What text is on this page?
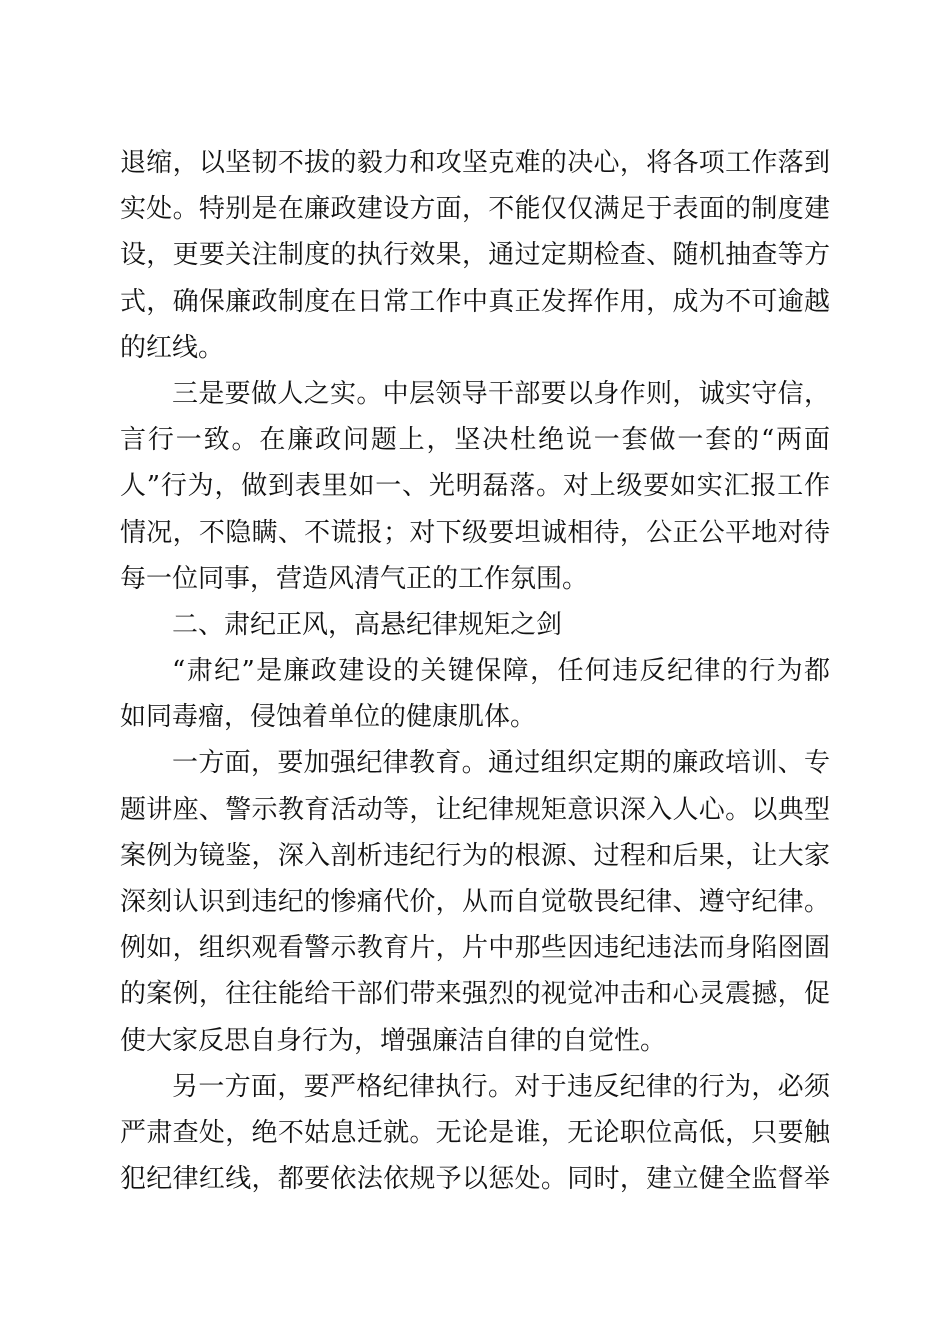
退缩，以坚韧不拔的毅力和攻坚克难的决心，将各项工作落到
实处。特别是在廉政建设方面，不能仅仅满足于表面的制度建
设，更要关注制度的执行效果，通过定期检查、随机抽查等方
式，确保廉政制度在日常工作中真正发挥作用，成为不可逾越
的红线。
三是要做人之实。中层领导干部要以身作则，诚实守信，
言行一致。在廉政问题上，坚决杜绝说一套做一套的“两面
人”行为，做到表里如一、光明磊落。对上级要如实汇报工作
情况，不隐瞒、不谎报；对下级要坦诚相待，公正公平地对待
每一位同事，营造风清气正的工作氛围。
二、肃纪正风，高悬纪律规矩之剑
“肃纪”是廉政建设的关键保障，任何违反纪律的行为都
如同毒瘤，侵蚀着单位的健康肌体。
一方面，要加强纪律教育。通过组织定期的廉政培训、专
题讲座、警示教育活动等，让纪律规矩意识深入人心。以典型
案例为镜鉴，深入剖析违纪行为的根源、过程和后果，让大家
深刻认识到违纪的惨痛代价，从而自觉敬畏纪律、遵守纪律。
例如，组织观看警示教育片，片中那些因违纪违法而身陷囹圄
的案例，往往能给干部们带来强烈的视觉冲击和心灵震撼，促
使大家反思自身行为，增强廉洁自律的自觉性。
另一方面，要严格纪律执行。对于违反纪律的行为，必须
严肃查处，绝不姑息迁就。无论是谁，无论职位高低，只要触
犯纪律红线，都要依法依规予以惩处。同时，建立健全监督举
